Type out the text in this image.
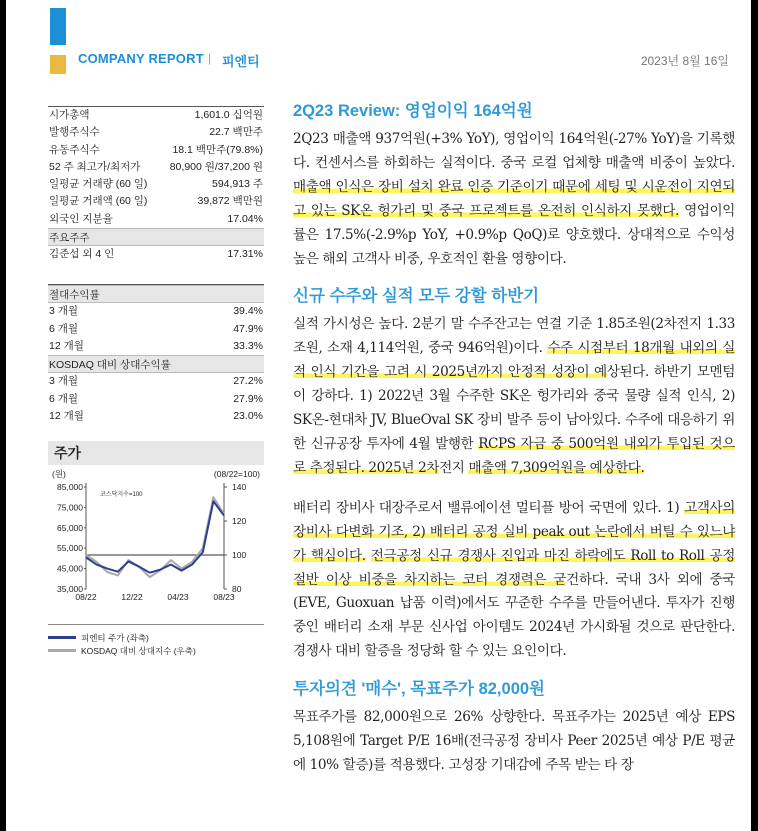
COMPANY REPORT | 피엔티	2023년 8월 16일
시가총액	1,601.0 십억원
발행주식수	22.7 백만주
유동주식수	18.1 백만주(79.8%)
52 주 최고가/최저가	80,900 원/37,200 원
일평균 거래량 (60 일)	594,913 주
일평균 거래액 (60 일)	39,872 백만원
외국인 지분율	17.04%
주요주주
김준섭 외 4 인	17.31%
절대수익률
3 개월	39.4%
6 개월	47.9%
12 개월	33.3%
KOSDAQ 대비 상대수익률
3 개월	27.2%
6 개월	27.9%
12 개월	23.0%
주가
(원)	(08/22=100)
코스닥지수=100
85,000
75,000
65,000
55,000
45,000
35,000
140
120
100
80
08/22	12/22	04/23	08/23
피엔티 주가 (좌축)
KOSDAQ 대비 상대지수 (우축)
2Q23 Review: 영업이익 164억원

2Q23 매출액 937억원(+3% YoY), 영업이익 164억원(-27% YoY)을 기록했다. 컨센서스를 하회하는 실적이다. 중국 로컬 업체향 매출액 비중이 높았다. 매출액 인식은 장비 설치 완료 인증 기준이기 때문에 세팅 및 시운전이 지연되고 있는 SK온 헝가리 및 중국 프로젝트를 온전히 인식하지 못했다. 영업이익률은 17.5%(-2.9%p YoY, +0.9%p QoQ)로 양호했다. 상대적으로 수익성 높은 해외 고객사 비중, 우호적인 환율 영향이다.

신규 수주와 실적 모두 강할 하반기

실적 가시성은 높다. 2분기 말 수주잔고는 연결 기준 1.85조원(2차전지 1.33조원, 소재 4,114억원, 중국 946억원)이다. 수주 시점부터 18개월 내외의 실적 인식 기간을 고려 시 2025년까지 안정적 성장이 예상된다. 하반기 모멘텀이 강하다. 1) 2022년 3월 수주한 SK온 헝가리와 중국 물량 실적 인식, 2) SK온-현대차 JV, BlueOval SK 장비 발주 등이 남아있다. 수주에 대응하기 위한 신규공장 투자에 4월 발행한 RCPS 자금 중 500억원 내외가 투입된 것으로 추정된다. 2025년 2차전지 매출액 7,309억원을 예상한다.

배터리 장비사 대장주로서 밸류에이션 멀티플 방어 국면에 있다. 1) 고객사의 장비사 다변화 기조, 2) 배터리 공정 실비 peak out 논란에서 버틸 수 있느냐가 핵심이다. 전극공정 신규 경쟁사 진입과 마진 하락에도 Roll to Roll 공정 절반 이상 비중을 차지하는 코터 경쟁력은 굳건하다. 국내 3사 외에 중국(EVE, Guoxuan 납품 이력)에서도 꾸준한 수주를 만들어낸다. 투자가 진행 중인 배터리 소재 부문 신사업 아이템도 2024년 가시화될 것으로 판단한다. 경쟁사 대비 할증을 정당화 할 수 있는 요인이다.

투자의견 '매수', 목표주가 82,000원

목표주가를 82,000원으로 26% 상향한다. 목표주가는 2025년 예상 EPS 5,108원에 Target P/E 16배(전극공정 장비사 Peer 2025년 예상 P/E 평균에 10% 할증)를 적용했다. 고성장 기대감에 주목 받는 타 장
